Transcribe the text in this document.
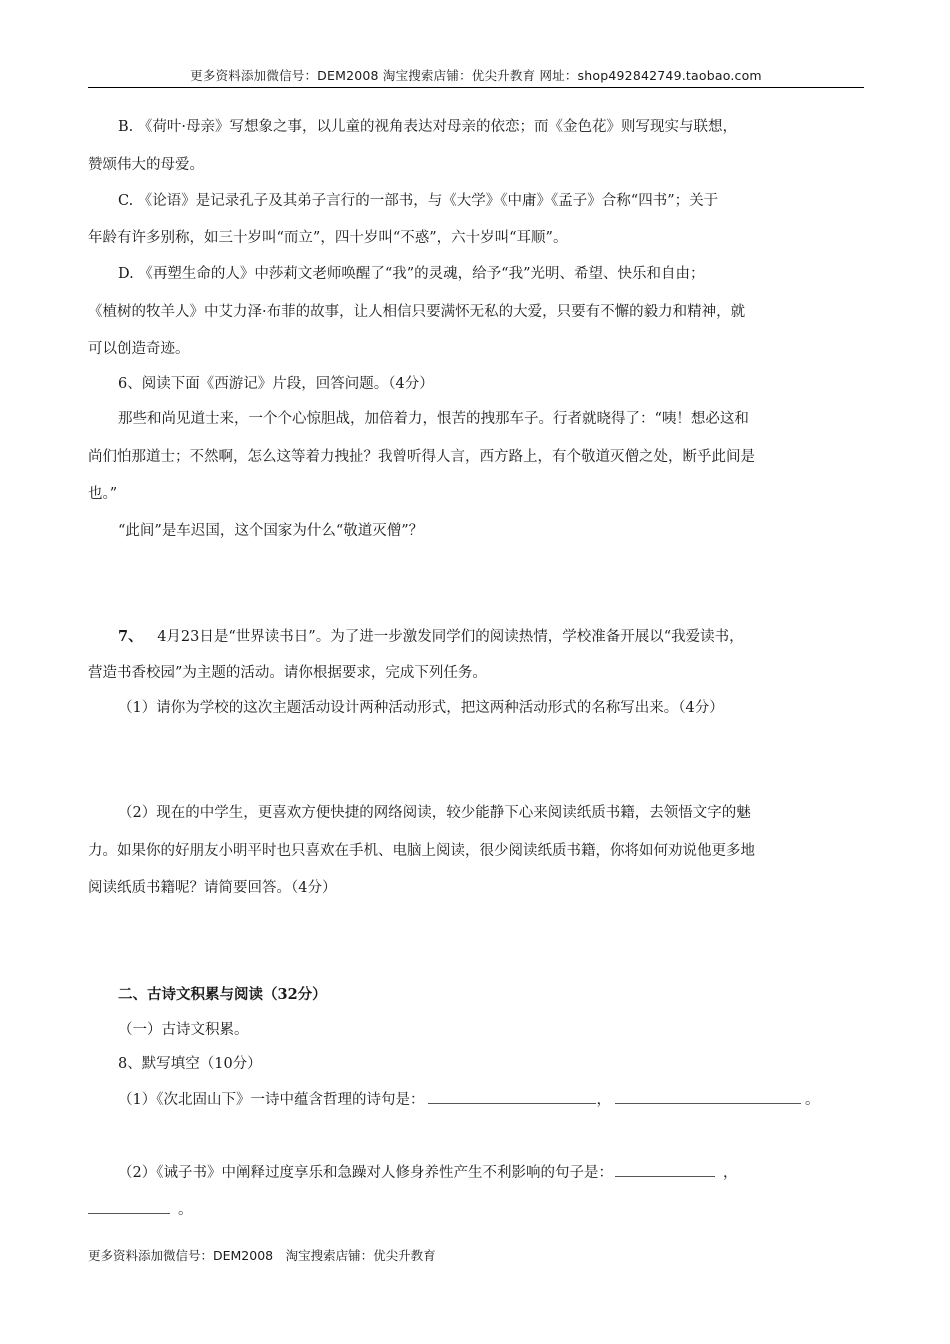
更多资料添加微信号：DEM2008 淘宝搜索店铺：优尖升教育 网址：shop492842749.taobao.com
B. 《荷叶·母亲》写想象之事，以儿童的视角表达对母亲的依恋；而《金色花》则写现实与联想，
赞颂伟大的母爱。
C. 《论语》是记录孔子及其弟子言行的一部书，与《大学》《中庸》《孟子》合称“四书”；关于
年龄有许多别称，如三十岁叫“而立”，四十岁叫“不惑”，六十岁叫“耳顺”。
D. 《再塑生命的人》中莎莉文老师唤醒了“我”的灵魂，给予“我”光明、希望、快乐和自由；
《植树的牧羊人》中艾力泽·布菲的故事，让人相信只要满怀无私的大爱，只要有不懈的毅力和精神，就
可以创造奇迹。
6、阅读下面《西游记》片段，回答问题。（4分）
那些和尚见道士来，一个个心惊胆战，加倍着力，恨苦的拽那车子。行者就晓得了：“咦！想必这和
尚们怕那道士；不然啊，怎么这等着力拽扯？我曾听得人言，西方路上，有个敬道灭僧之处，断乎此间是
也。”
“此间”是车迟国，这个国家为什么“敬道灭僧”？
7、 4月23日是“世界读书日”。为了进一步激发同学们的阅读热情，学校准备开展以“我爱读书，
营造书香校园”为主题的活动。请你根据要求，完成下列任务。
（1）请你为学校的这次主题活动设计两种活动形式，把这两种活动形式的名称写出来。（4分）
（2）现在的中学生，更喜欢方便快捷的网络阅读，较少能静下心来阅读纸质书籍，去领悟文字的魅
力。如果你的好朋友小明平时也只喜欢在手机、电脑上阅读，很少阅读纸质书籍，你将如何劝说他更多地
阅读纸质书籍呢？请简要回答。（4分）
二、古诗文积累与阅读（32分）
（一）古诗文积累。
8、默写填空（10分）
（1）《次北固山下》一诗中蕴含哲理的诗句是：	，	。
（2）《诫子书》中阐释过度享乐和急躁对人修身养性产生不利影响的句子是：	，
。
更多资料添加微信号：DEM2008　淘宝搜索店铺：优尖升教育
